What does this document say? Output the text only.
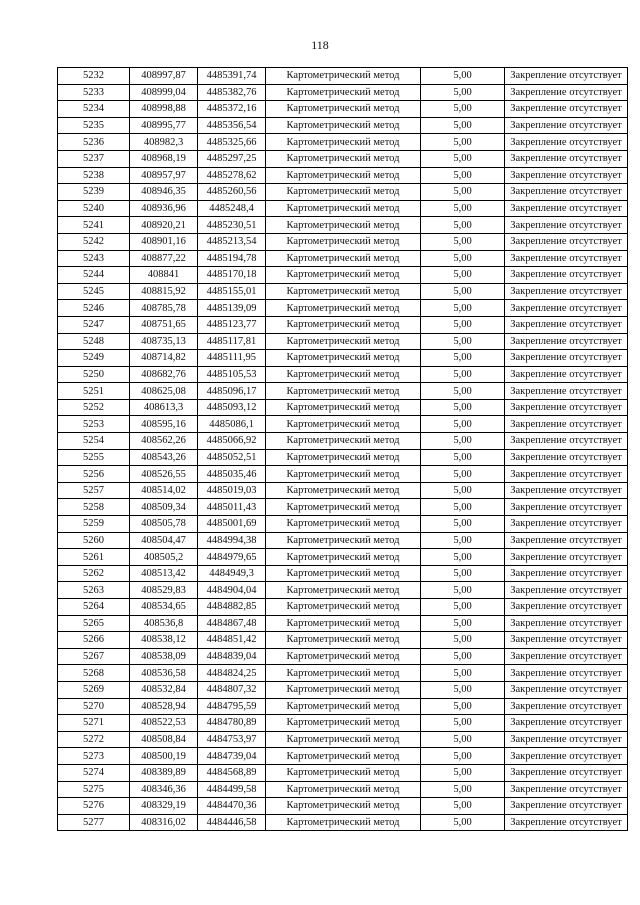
118
5232	408997,87	4485391,74	Картометрический метод	5,00	Закрепление отсутствует
5233	408999,04	4485382,76	Картометрический метод	5,00	Закрепление отсутствует
5234	408998,88	4485372,16	Картометрический метод	5,00	Закрепление отсутствует
5235	408995,77	4485356,54	Картометрический метод	5,00	Закрепление отсутствует
5236	408982,3	4485325,66	Картометрический метод	5,00	Закрепление отсутствует
5237	408968,19	4485297,25	Картометрический метод	5,00	Закрепление отсутствует
5238	408957,97	4485278,62	Картометрический метод	5,00	Закрепление отсутствует
5239	408946,35	4485260,56	Картометрический метод	5,00	Закрепление отсутствует
5240	408936,96	4485248,4	Картометрический метод	5,00	Закрепление отсутствует
5241	408920,21	4485230,51	Картометрический метод	5,00	Закрепление отсутствует
5242	408901,16	4485213,54	Картометрический метод	5,00	Закрепление отсутствует
5243	408877,22	4485194,78	Картометрический метод	5,00	Закрепление отсутствует
5244	408841	4485170,18	Картометрический метод	5,00	Закрепление отсутствует
5245	408815,92	4485155,01	Картометрический метод	5,00	Закрепление отсутствует
5246	408785,78	4485139,09	Картометрический метод	5,00	Закрепление отсутствует
5247	408751,65	4485123,77	Картометрический метод	5,00	Закрепление отсутствует
5248	408735,13	4485117,81	Картометрический метод	5,00	Закрепление отсутствует
5249	408714,82	4485111,95	Картометрический метод	5,00	Закрепление отсутствует
5250	408682,76	4485105,53	Картометрический метод	5,00	Закрепление отсутствует
5251	408625,08	4485096,17	Картометрический метод	5,00	Закрепление отсутствует
5252	408613,3	4485093,12	Картометрический метод	5,00	Закрепление отсутствует
5253	408595,16	4485086,1	Картометрический метод	5,00	Закрепление отсутствует
5254	408562,26	4485066,92	Картометрический метод	5,00	Закрепление отсутствует
5255	408543,26	4485052,51	Картометрический метод	5,00	Закрепление отсутствует
5256	408526,55	4485035,46	Картометрический метод	5,00	Закрепление отсутствует
5257	408514,02	4485019,03	Картометрический метод	5,00	Закрепление отсутствует
5258	408509,34	4485011,43	Картометрический метод	5,00	Закрепление отсутствует
5259	408505,78	4485001,69	Картометрический метод	5,00	Закрепление отсутствует
5260	408504,47	4484994,38	Картометрический метод	5,00	Закрепление отсутствует
5261	408505,2	4484979,65	Картометрический метод	5,00	Закрепление отсутствует
5262	408513,42	4484949,3	Картометрический метод	5,00	Закрепление отсутствует
5263	408529,83	4484904,04	Картометрический метод	5,00	Закрепление отсутствует
5264	408534,65	4484882,85	Картометрический метод	5,00	Закрепление отсутствует
5265	408536,8	4484867,48	Картометрический метод	5,00	Закрепление отсутствует
5266	408538,12	4484851,42	Картометрический метод	5,00	Закрепление отсутствует
5267	408538,09	4484839,04	Картометрический метод	5,00	Закрепление отсутствует
5268	408536,58	4484824,25	Картометрический метод	5,00	Закрепление отсутствует
5269	408532,84	4484807,32	Картометрический метод	5,00	Закрепление отсутствует
5270	408528,94	4484795,59	Картометрический метод	5,00	Закрепление отсутствует
5271	408522,53	4484780,89	Картометрический метод	5,00	Закрепление отсутствует
5272	408508,84	4484753,97	Картометрический метод	5,00	Закрепление отсутствует
5273	408500,19	4484739,04	Картометрический метод	5,00	Закрепление отсутствует
5274	408389,89	4484568,89	Картометрический метод	5,00	Закрепление отсутствует
5275	408346,36	4484499,58	Картометрический метод	5,00	Закрепление отсутствует
5276	408329,19	4484470,36	Картометрический метод	5,00	Закрепление отсутствует
5277	408316,02	4484446,58	Картометрический метод	5,00	Закрепление отсутствует
